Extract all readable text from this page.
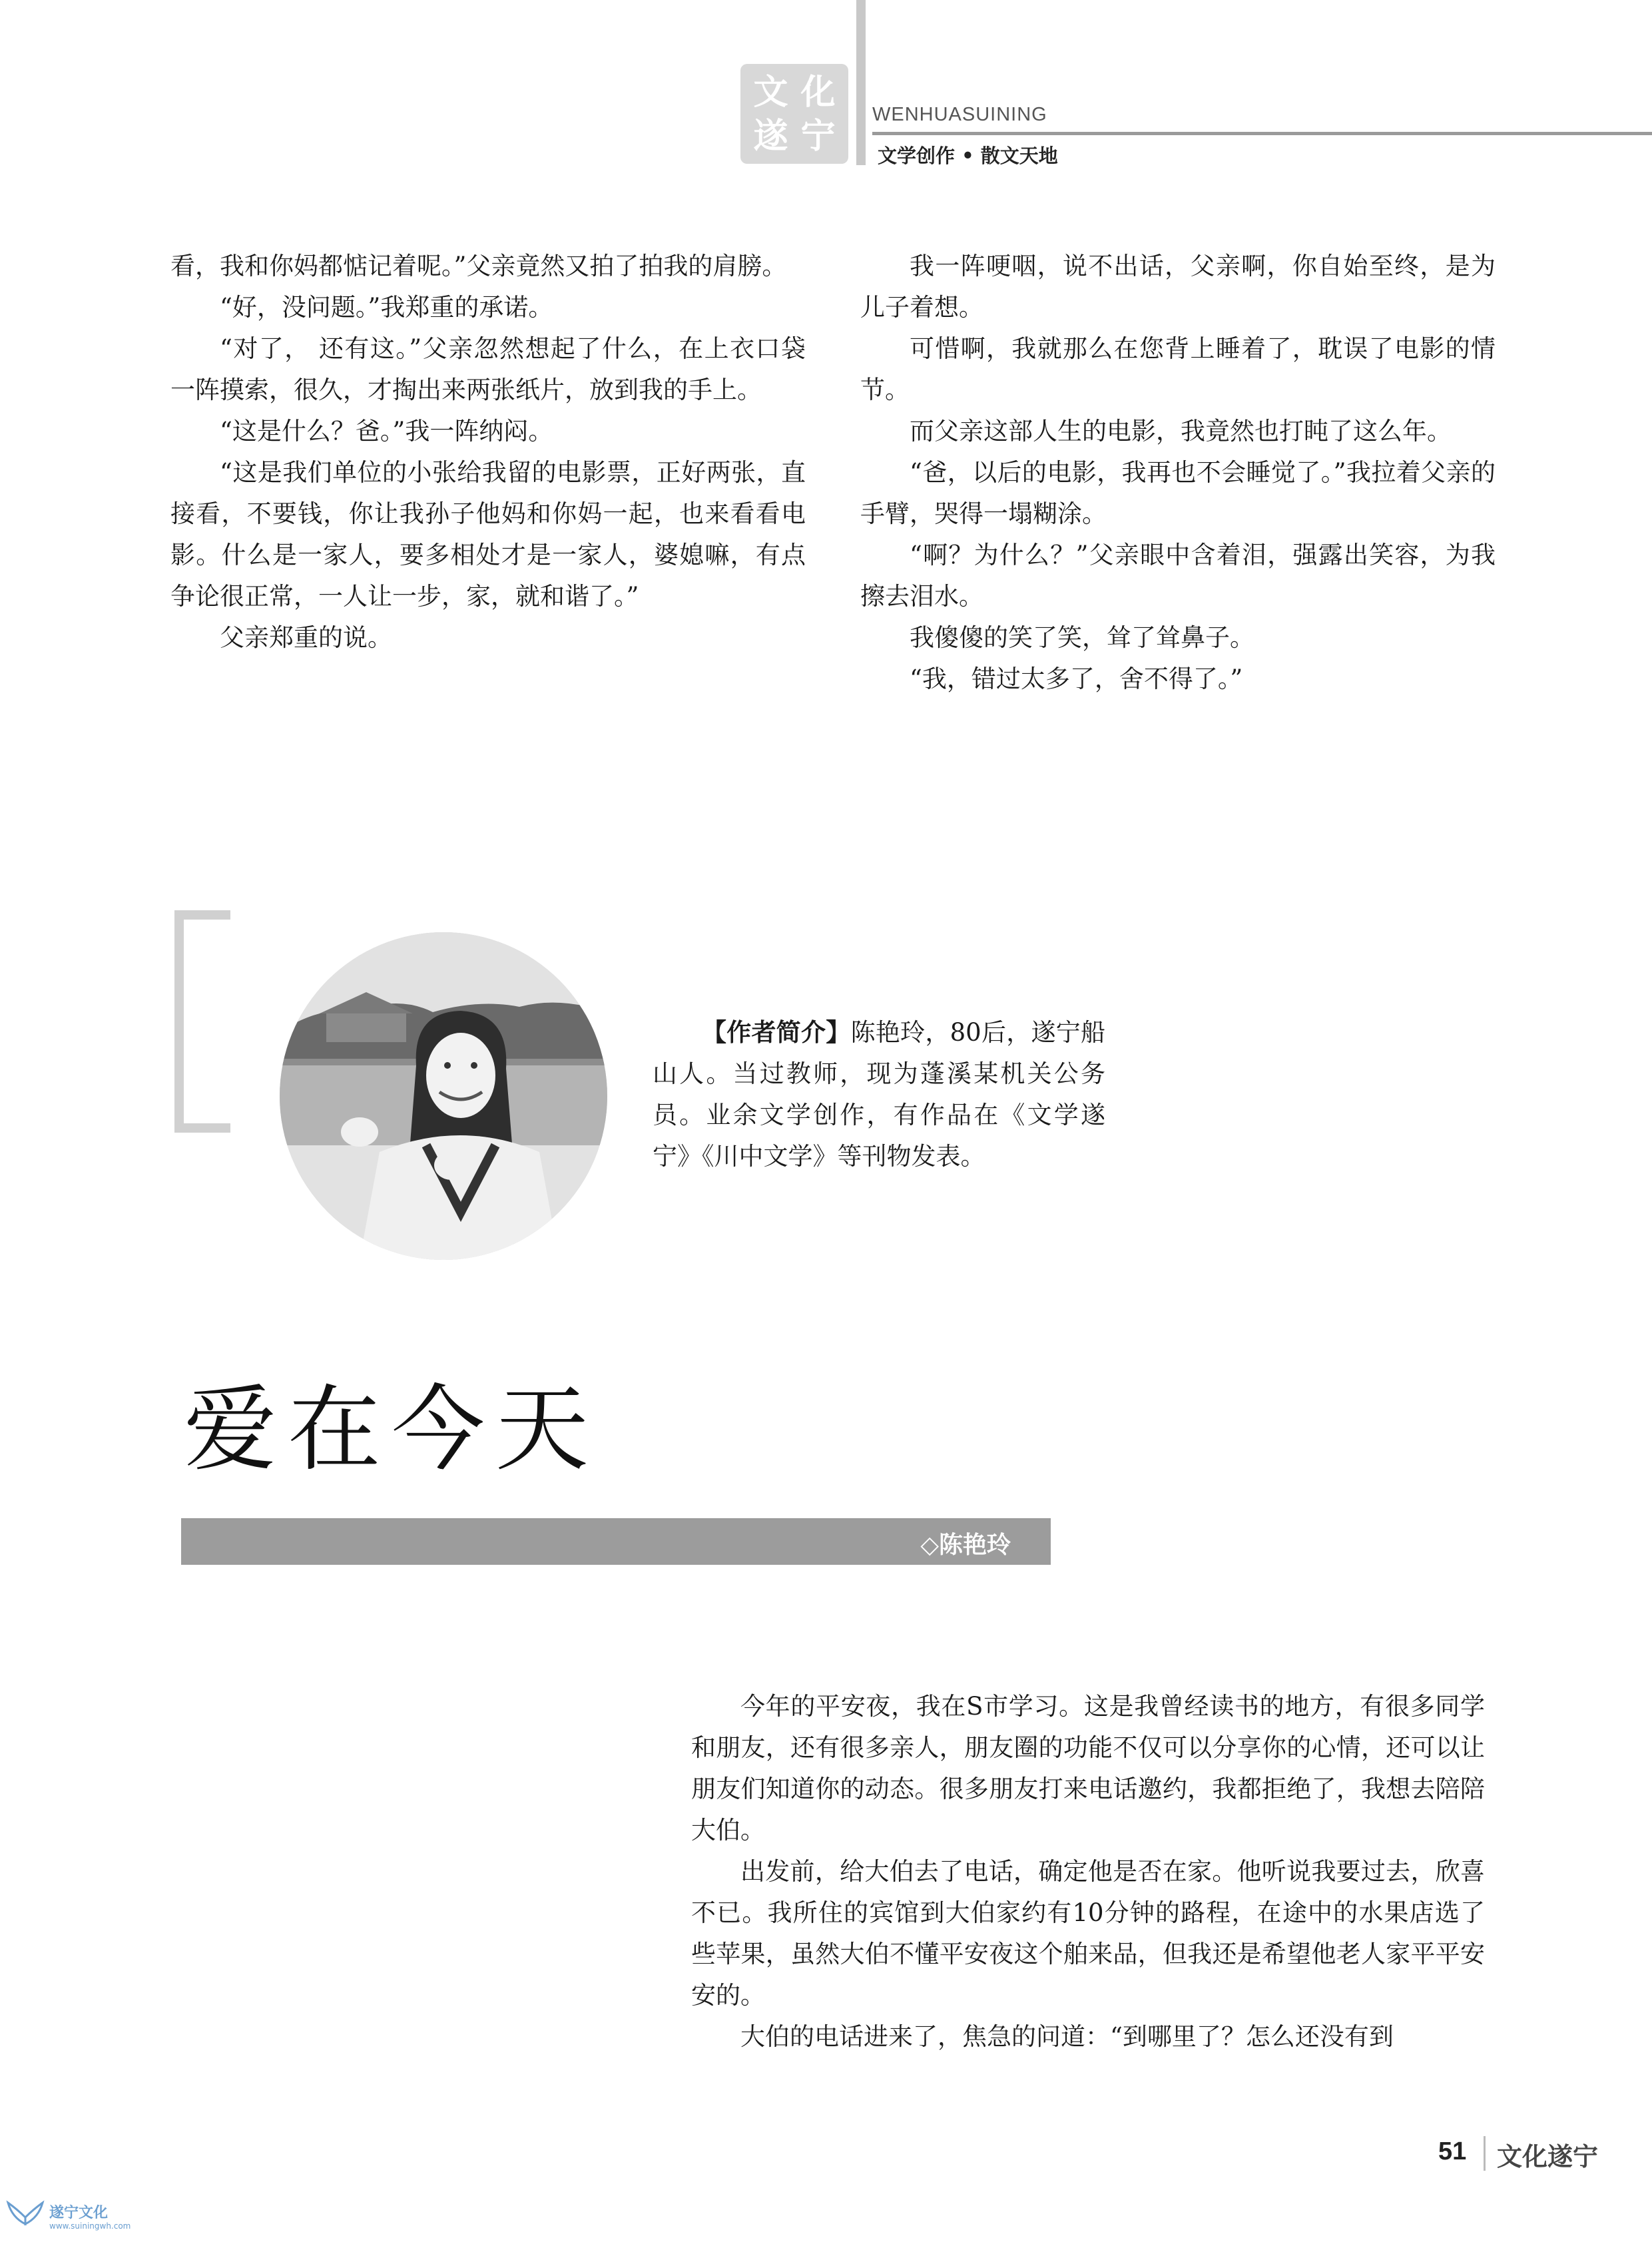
文 化
遂 宁
WENHUASUINING
文学创作 • 散文天地

看，我和你妈都惦记着呢。”父亲竟然又拍了拍我的肩膀。

“好，没问题。”我郑重的承诺。

“对了， 还有这。”父亲忽然想起了什么，在上衣口袋一阵摸索，很久，才掏出来两张纸片，放到我的手上。

“这是什么？爸。”我一阵纳闷。

“这是我们单位的小张给我留的电影票，正好两张，直接看，不要钱，你让我孙子他妈和你妈一起，也来看看电影。什么是一家人，要多相处才是一家人，婆媳嘛，有点争论很正常，一人让一步，家，就和谐了。”

父亲郑重的说。

我一阵哽咽，说不出话，父亲啊，你自始至终，是为儿子着想。

可惜啊，我就那么在您背上睡着了，耽误了电影的情节。

而父亲这部人生的电影，我竟然也打盹了这么年。

“爸，以后的电影，我再也不会睡觉了。”我拉着父亲的手臂，哭得一塌糊涂。

“啊？为什么？”父亲眼中含着泪，强露出笑容，为我擦去泪水。

我傻傻的笑了笑，耸了耸鼻子。

“我，错过太多了，舍不得了。”

【作者简介】陈艳玲，80后，遂宁船山人。当过教师，现为蓬溪某机关公务员。业余文学创作，有作品在《文学遂宁》《川中文学》等刊物发表。
爱在今天
◇陈艳玲

今年的平安夜，我在S市学习。这是我曾经读书的地方，有很多同学和朋友，还有很多亲人，朋友圈的功能不仅可以分享你的心情，还可以让朋友们知道你的动态。很多朋友打来电话邀约，我都拒绝了，我想去陪陪大伯。

出发前，给大伯去了电话，确定他是否在家。他听说我要过去，欣喜不已。我所住的宾馆到大伯家约有10分钟的路程，在途中的水果店选了些苹果，虽然大伯不懂平安夜这个舶来品，但我还是希望他老人家平平安安的。

大伯的电话进来了，焦急的问道：“到哪里了？怎么还没有到

51 文化遂宁
遂宁文化
www.suiningwh.com
